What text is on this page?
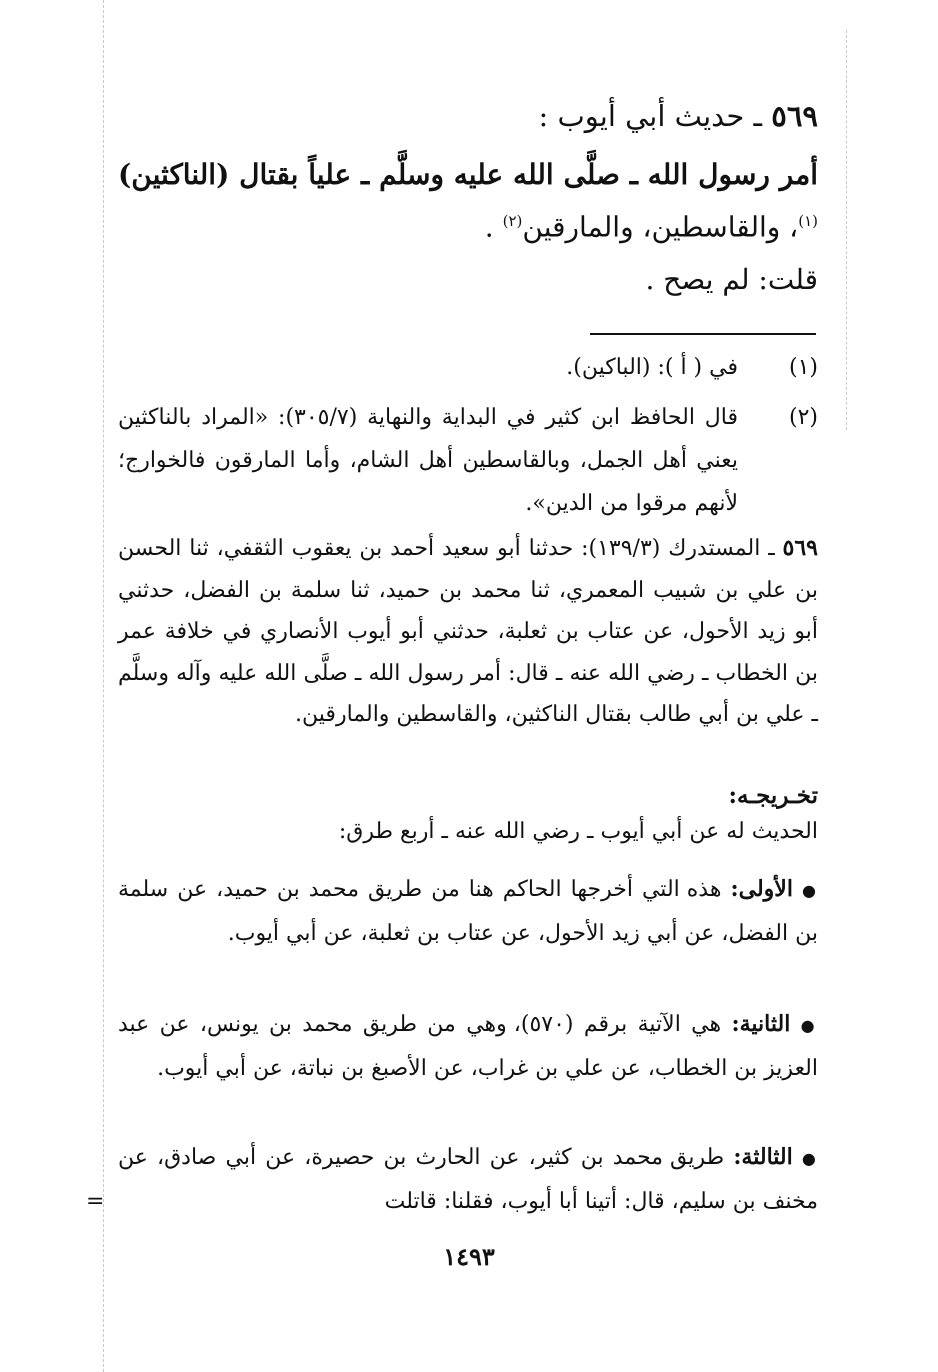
٥٦٩ ـ حديث أبي أيوب :
أمر رسول الله ـ صلَّى الله عليه وسلَّم ـ علياً بقتال (الناكثين)$^{(١)}$، والقاسطين، والمارقين$^{(٢)}$ .
قلت: لم يصح .
(١)
في ( أ ): (الباكين).
(٢)
قال الحافظ ابن كثير في البداية والنهاية (٣٠٥/٧): «المراد بالناكثين يعني أهل الجمل، وبالقاسطين أهل الشام، وأما المارقون فالخوارج؛ لأنهم مرقوا من الدين».
٥٦٩ ـ المستدرك (١٣٩/٣): حدثنا أبو سعيد أحمد بن يعقوب الثقفي، ثنا الحسن بن علي بن شبيب المعمري، ثنا محمد بن حميد، ثنا سلمة بن الفضل، حدثني أبو زيد الأحول، عن عتاب بن ثعلبة، حدثني أبو أيوب الأنصاري في خلافة عمر بن الخطاب ـ رضي الله عنه ـ قال: أمر رسول الله ـ صلَّى الله عليه وآله وسلَّم ـ علي بن أبي طالب بقتال الناكثين، والقاسطين والمارقين.
تخـريجـه:
الحديث له عن أبي أيوب ـ رضي الله عنه ـ أربع طرق:
● الأولى: هذه التي أخرجها الحاكم هنا من طريق محمد بن حميد، عن سلمة بن الفضل، عن أبي زيد الأحول، عن عتاب بن ثعلبة، عن أبي أيوب.
● الثانية: هي الآتية برقم (٥٧٠)، وهي من طريق محمد بن يونس، عن عبد العزيز بن الخطاب، عن علي بن غراب، عن الأصبغ بن نباتة، عن أبي أيوب.
● الثالثة: طريق محمد بن كثير، عن الحارث بن حصيرة، عن أبي صادق، عن مخنف بن سليم، قال: أتينا أبا أيوب، فقلنا: قاتلت
=
١٤٩٣
